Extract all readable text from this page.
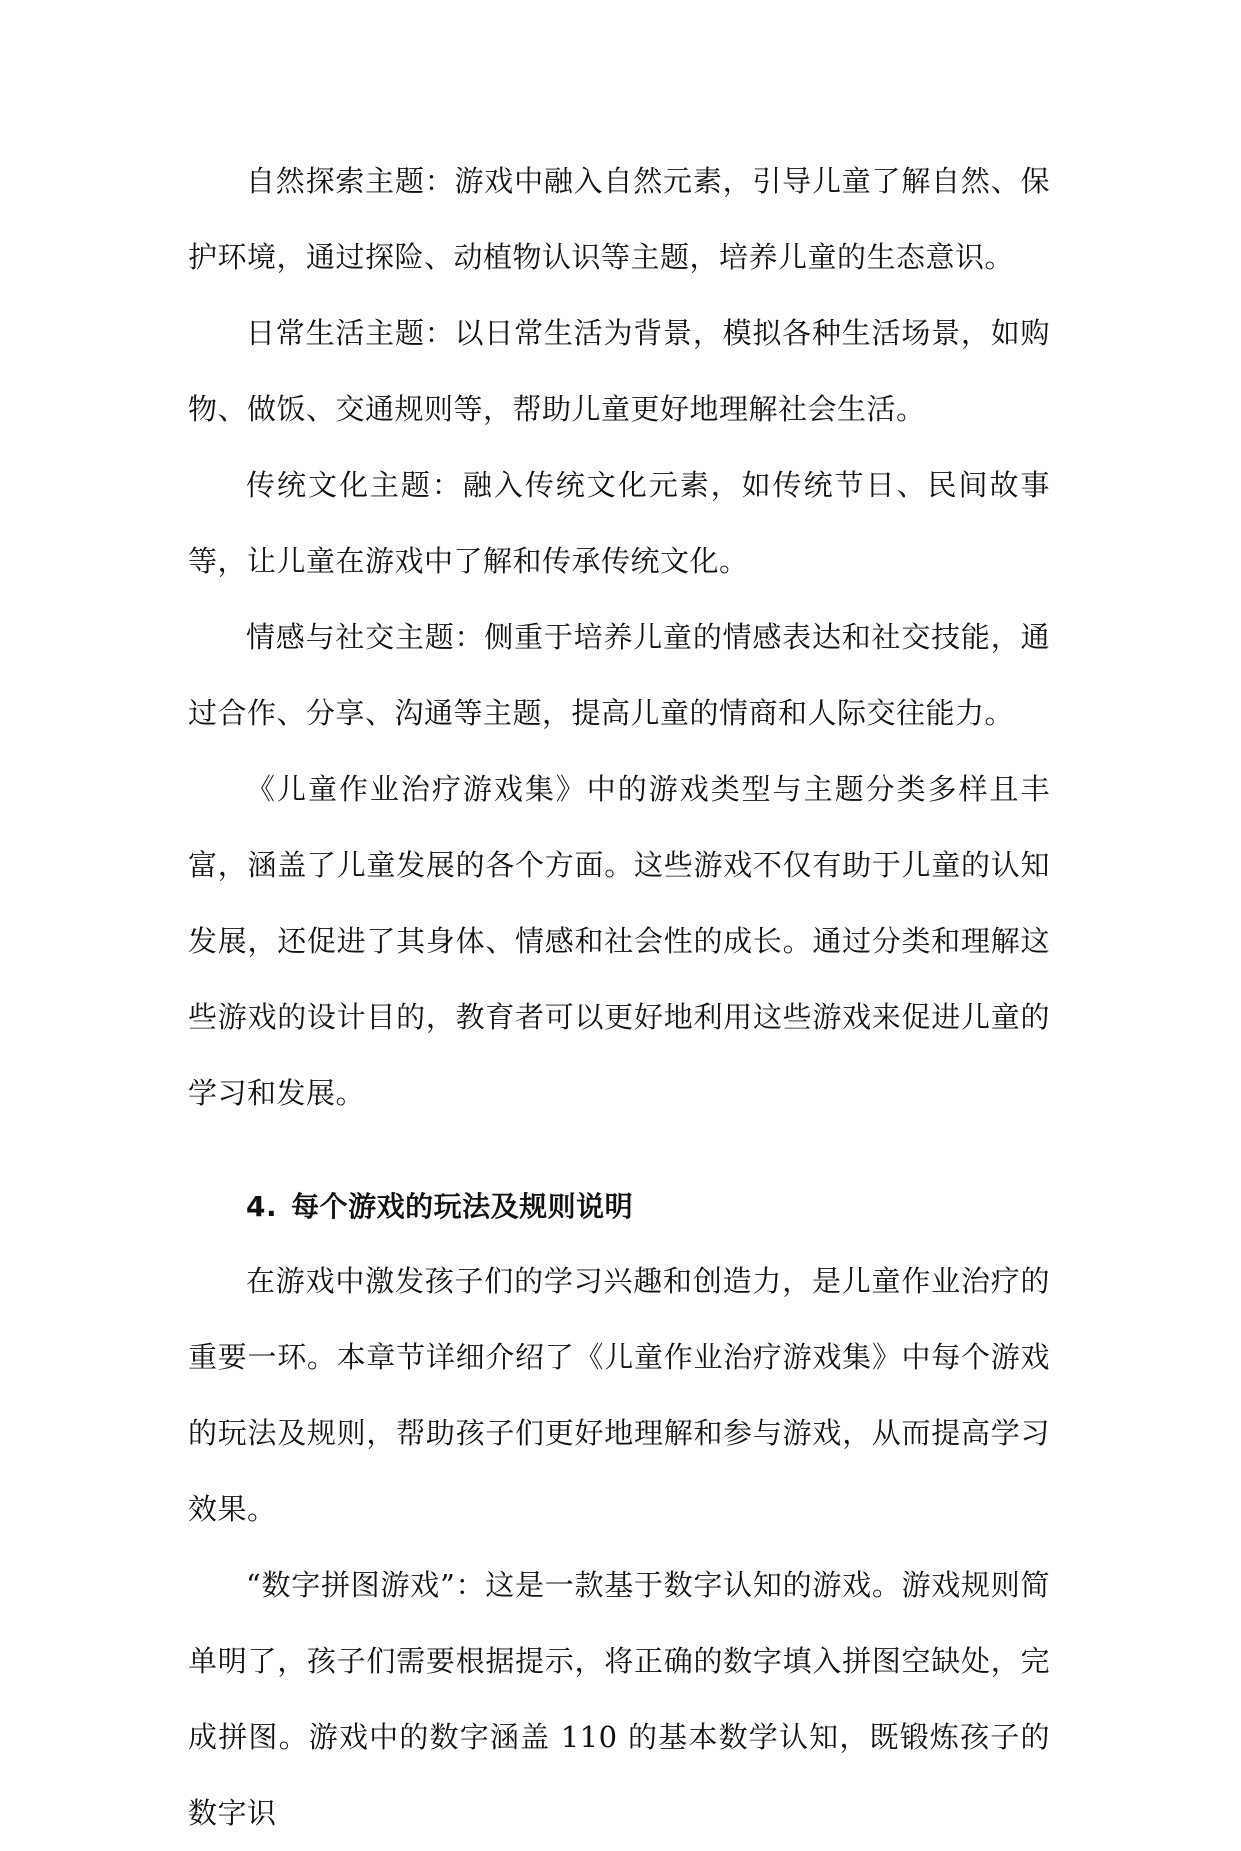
自然探索主题：游戏中融入自然元素，引导儿童了解自然、保护环境，通过探险、动植物认识等主题，培养儿童的生态意识。

日常生活主题：以日常生活为背景，模拟各种生活场景，如购物、做饭、交通规则等，帮助儿童更好地理解社会生活。

传统文化主题：融入传统文化元素，如传统节日、民间故事等，让儿童在游戏中了解和传承传统文化。

情感与社交主题：侧重于培养儿童的情感表达和社交技能，通过合作、分享、沟通等主题，提高儿童的情商和人际交往能力。

《儿童作业治疗游戏集》中的游戏类型与主题分类多样且丰富，涵盖了儿童发展的各个方面。这些游戏不仅有助于儿童的认知发展，还促进了其身体、情感和社会性的成长。通过分类和理解这些游戏的设计目的，教育者可以更好地利用这些游戏来促进儿童的学习和发展。

4. 每个游戏的玩法及规则说明

在游戏中激发孩子们的学习兴趣和创造力，是儿童作业治疗的重要一环。本章节详细介绍了《儿童作业治疗游戏集》中每个游戏的玩法及规则，帮助孩子们更好地理解和参与游戏，从而提高学习效果。

“数字拼图游戏”：这是一款基于数字认知的游戏。游戏规则简单明了，孩子们需要根据提示，将正确的数字填入拼图空缺处，完成拼图。游戏中的数字涵盖 110 的基本数学认知，既锻炼孩子的数字识
